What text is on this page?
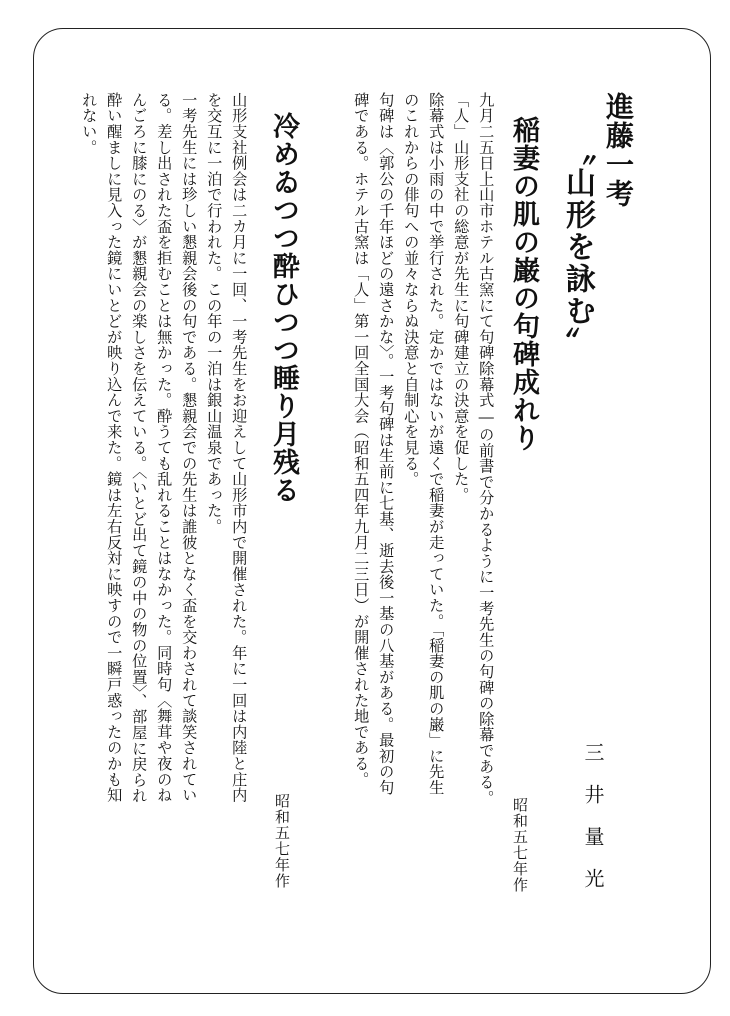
進藤一考
〝山形を詠む〟
三井量光
稲妻の肌の巌の句碑成れり
昭和五七年作
九月二五日上山市ホテル古窯にて句碑除幕式―の前書で分かるように一考先生の句碑の除幕である。
「人」山形支社の総意が先生に句碑建立の決意を促した。
除幕式は小雨の中で挙行された。定かではないが遠くで稲妻が走っていた。「稲妻の肌の巌」に先生
のこれからの俳句への並々ならぬ決意と自制心を見る。
句碑は〈郭公の千年ほどの遠さかな〉。一考句碑は生前に七基、逝去後一基の八基がある。最初の句
碑である。ホテル古窯は「人」第一回全国大会（昭和五四年九月二三日）が開催された地である。
冷めゐつつ酔ひつつ睡り月残る
昭和五七年作
山形支社例会は二カ月に一回、一考先生をお迎えして山形市内で開催された。年に一回は内陸と庄内
を交互に一泊で行われた。この年の一泊は銀山温泉であった。
一考先生には珍しい懇親会後の句である。懇親会での先生は誰彼となく盃を交わされて談笑されてい
る。差し出された盃を拒むことは無かった。酔うても乱れることはなかった。同時句〈舞茸や夜のね
んごろに膝にのる〉が懇親会の楽しさを伝えている。〈いとど出て鏡の中の物の位置〉、部屋に戻られ
酔い醒ましに見入った鏡にいとどが映り込んで来た。鏡は左右反対に映すので一瞬戸惑ったのかも知
れない。
